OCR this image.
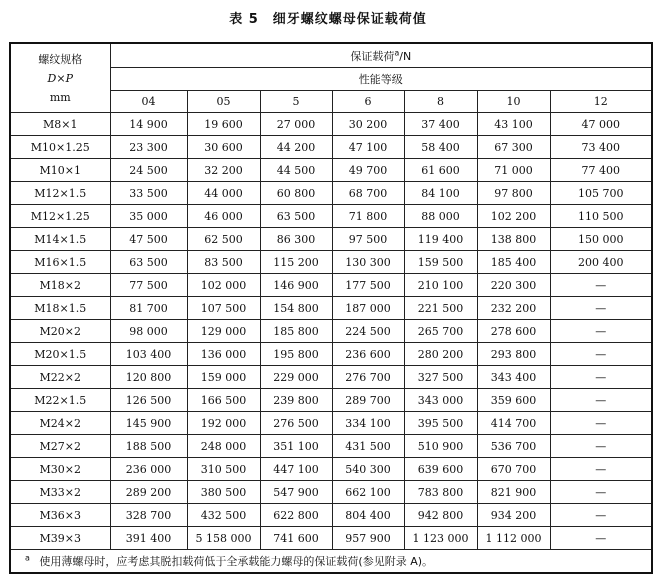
表 5　细牙螺纹螺母保证载荷值
螺纹规格
D×P
mm	保证载荷$^a$/N						
	性能等级						
	04	05	5	6	8	10	12
M8×1	14 900	19 600	27 000	30 200	37 400	43 100	47 000
M10×1.25	23 300	30 600	44 200	47 100	58 400	67 300	73 400
M10×1	24 500	32 200	44 500	49 700	61 600	71 000	77 400
M12×1.5	33 500	44 000	60 800	68 700	84 100	97 800	105 700
M12×1.25	35 000	46 000	63 500	71 800	88 000	102 200	110 500
M14×1.5	47 500	62 500	86 300	97 500	119 400	138 800	150 000
M16×1.5	63 500	83 500	115 200	130 300	159 500	185 400	200 400
M18×2	77 500	102 000	146 900	177 500	210 100	220 300	—
M18×1.5	81 700	107 500	154 800	187 000	221 500	232 200	—
M20×2	98 000	129 000	185 800	224 500	265 700	278 600	—
M20×1.5	103 400	136 000	195 800	236 600	280 200	293 800	—
M22×2	120 800	159 000	229 000	276 700	327 500	343 400	—
M22×1.5	126 500	166 500	239 800	289 700	343 000	359 600	—
M24×2	145 900	192 000	276 500	334 100	395 500	414 700	—
M27×2	188 500	248 000	351 100	431 500	510 900	536 700	—
M30×2	236 000	310 500	447 100	540 300	639 600	670 700	—
M33×2	289 200	380 500	547 900	662 100	783 800	821 900	—
M36×3	328 700	432 500	622 800	804 400	942 800	934 200	—
M39×3	391 400	5 158 000	741 600	957 900	1 123 000	1 112 000	—
$^a$ 使用薄螺母时，应考虑其脱扣载荷低于全承载能力螺母的保证载荷(参见附录 A)。							
